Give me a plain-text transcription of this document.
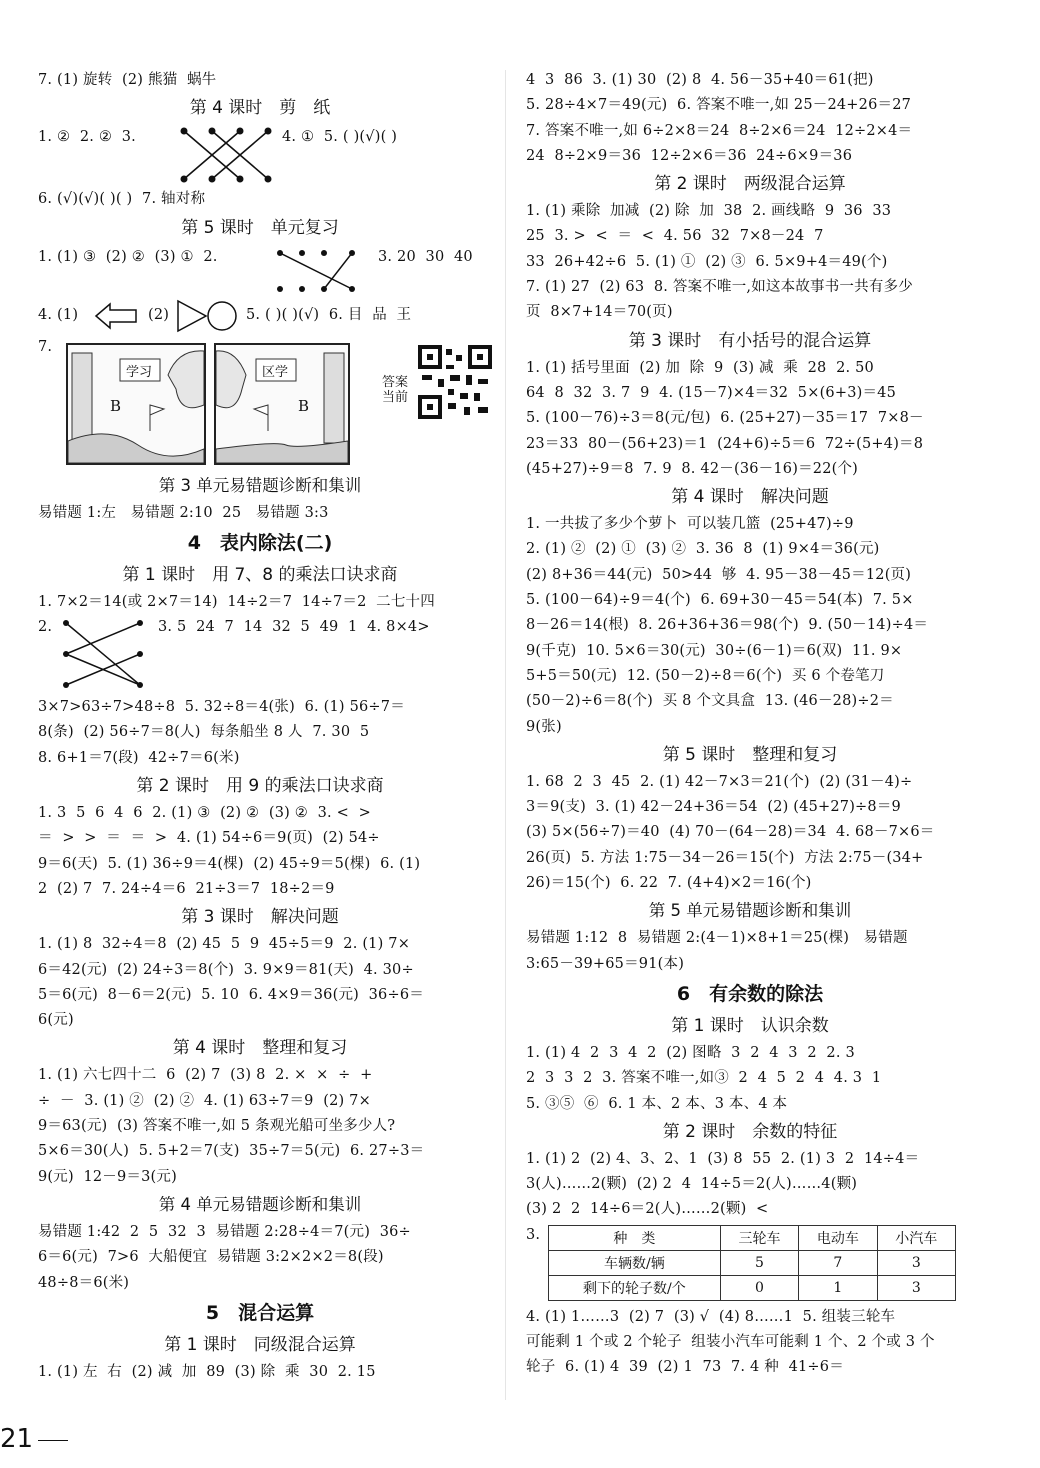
7. (1) 旋转  (2) 熊猫  蜗牛
第 4 课时　剪　纸
1. ②  2. ②  3.	4. ①  5. ( )(√)( )
6. (√)(√)( )( )  7. 轴对称
第 5 课时　单元复习
1. (1) ③  (2) ②  (3) ①  2.	3. 20  30  40
4. (1)	(2)	5. ( )( )(√)  6. 目  品  王
7.
学习
B
区学
B
答案当前
第 3 单元易错题诊断和集训
易错题 1:左   易错题 2:10  25   易错题 3:3
4　表内除法(二)
第 1 课时　用 7、8 的乘法口诀求商
1. 7×2＝14(或 2×7＝14)  14÷2＝7  14÷7＝2  二七十四
2.	3. 5  24  7  14  32  5  49  1  4. 8×4>
3×7>63÷7>48÷8  5. 32÷8＝4(张)  6. (1) 56÷7＝
8(条)  (2) 56÷7＝8(人)  每条船坐 8 人  7. 30  5
8. 6+1＝7(段)  42÷7＝6(米)
第 2 课时　用 9 的乘法口诀求商
1. 3  5  6  4  6  2. (1) ③  (2) ②  (3) ②  3. <  >
＝  >  >  ＝  ＝  >  4. (1) 54÷6＝9(页)  (2) 54÷
9＝6(天)  5. (1) 36÷9＝4(棵)  (2) 45÷9＝5(棵)  6. (1)
2  (2) 7  7. 24÷4＝6  21÷3＝7  18÷2＝9
第 3 课时　解决问题
1. (1) 8  32÷4＝8  (2) 45  5  9  45÷5＝9  2. (1) 7×
6＝42(元)  (2) 24÷3＝8(个)  3. 9×9＝81(天)  4. 30÷
5＝6(元)  8－6＝2(元)  5. 10  6. 4×9＝36(元)  36÷6＝
6(元)
第 4 课时　整理和复习
1. (1) 六七四十二  6  (2) 7  (3) 8  2. ×  ×  ÷  +
÷  －  3. (1) ②  (2) ②  4. (1) 63÷7＝9  (2) 7×
9＝63(元)  (3) 答案不唯一,如 5 条观光船可坐多少人?
5×6＝30(人)  5. 5+2＝7(支)  35÷7＝5(元)  6. 27÷3＝
9(元)  12－9＝3(元)
第 4 单元易错题诊断和集训
易错题 1:42  2  5  32  3  易错题 2:28÷4＝7(元)  36÷
6＝6(元)  7>6  大船便宜  易错题 3:2×2×2＝8(段)
48÷8＝6(米)
5　混合运算
第 1 课时　同级混合运算
1. (1) 左  右  (2) 减  加  89  (3) 除  乘  30  2. 15
4  3  86  3. (1) 30  (2) 8  4. 56－35+40＝61(把)
5. 28÷4×7＝49(元)  6. 答案不唯一,如 25－24+26＝27
7. 答案不唯一,如 6÷2×8＝24  8÷2×6＝24  12÷2×4＝
24  8÷2×9＝36  12÷2×6＝36  24÷6×9＝36
第 2 课时　两级混合运算
1. (1) 乘除  加减  (2) 除  加  38  2. 画线略  9  36  33
25  3. >  <  ＝  <  4. 56  32  7×8－24  7
33  26+42÷6  5. (1) ①  (2) ③  6. 5×9+4＝49(个)
7. (1) 27  (2) 63  8. 答案不唯一,如这本故事书一共有多少
页  8×7+14＝70(页)
第 3 课时　有小括号的混合运算
1. (1) 括号里面  (2) 加  除  9  (3) 减  乘  28  2. 50
64  8  32  3. 7  9  4. (15－7)×4＝32  5×(6+3)＝45
5. (100－76)÷3＝8(元/包)  6. (25+27)－35＝17  7×8－
23＝33  80－(56+23)＝1  (24+6)÷5＝6  72÷(5+4)＝8
(45+27)÷9＝8  7. 9  8. 42－(36－16)＝22(个)
第 4 课时　解决问题
1. 一共拔了多少个萝卜  可以装几篮  (25+47)÷9
2. (1) ②  (2) ①  (3) ②  3. 36  8  (1) 9×4＝36(元)
(2) 8+36＝44(元)  50>44  够  4. 95－38－45＝12(页)
5. (100－64)÷9＝4(个)  6. 69+30－45＝54(本)  7. 5×
8－26＝14(根)  8. 26+36+36＝98(个)  9. (50－14)÷4＝
9(千克)  10. 5×6＝30(元)  30÷(6－1)＝6(双)  11. 9×
5+5＝50(元)  12. (50－2)÷8＝6(个)  买 6 个卷笔刀
(50－2)÷6＝8(个)  买 8 个文具盒  13. (46－28)÷2＝
9(张)
第 5 课时　整理和复习
1. 68  2  3  45  2. (1) 42－7×3＝21(个)  (2) (31－4)÷
3＝9(支)  3. (1) 42－24+36＝54  (2) (45+27)÷8＝9
(3) 5×(56÷7)＝40  (4) 70－(64－28)＝34  4. 68－7×6＝
26(页)  5. 方法 1:75－34－26＝15(个)  方法 2:75－(34+
26)＝15(个)  6. 22  7. (4+4)×2＝16(个)
第 5 单元易错题诊断和集训
易错题 1:12  8  易错题 2:(4－1)×8+1＝25(棵)   易错题
3:65－39+65＝91(本)
6　有余数的除法
第 1 课时　认识余数
1. (1) 4  2  3  4  2  (2) 图略  3  2  4  3  2  2. 3
2  3  3  2  3. 答案不唯一,如③  2  4  5  2  4  4. 3  1
5. ③⑤  ⑥  6. 1 本、2 本、3 本、4 本
第 2 课时　余数的特征
1. (1) 2  (2) 4、3、2、1  (3) 8  55  2. (1) 3  2  14÷4＝
3(人)……2(颗)  (2) 2  4  14÷5＝2(人)……4(颗)
(3) 2  2  14÷6＝2(人)……2(颗)  <
3.	种　类	三轮车	电动车	小汽车
车辆数/辆	5	7	3
剩下的轮子数/个	0	1	3
4. (1) 1……3  (2) 7  (3) √  (4) 8……1  5. 组装三轮车
可能剩 1 个或 2 个轮子  组装小汽车可能剩 1 个、2 个或 3 个
轮子  6. (1) 4  39  (2) 1  73  7. 4 种  41÷6＝
21
